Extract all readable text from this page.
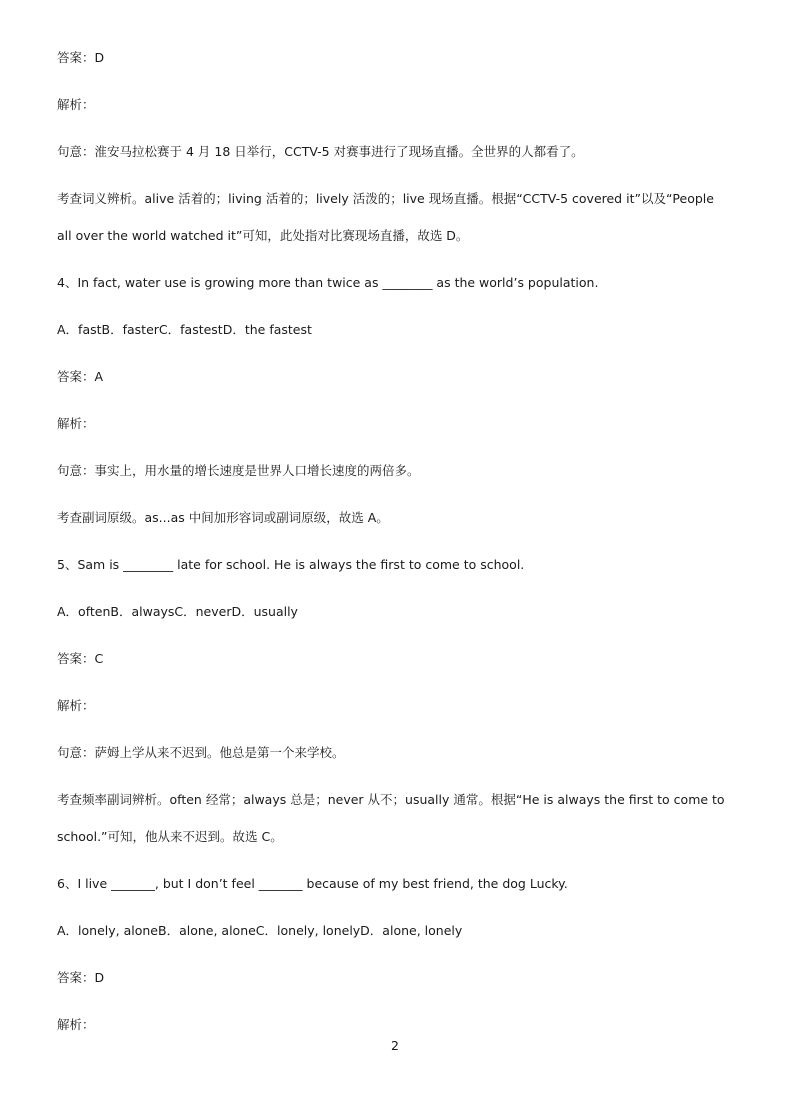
答案：D
解析：
句意：淮安马拉松赛于 4 月 18 日举行，CCTV-5 对赛事进行了现场直播。全世界的人都看了。
考查词义辨析。alive 活着的；living 活着的；lively 活泼的；live 现场直播。根据“CCTV-5 covered it”以及“People
all over the world watched it”可知，此处指对比赛现场直播，故选 D。
4、In fact, water use is growing more than twice as ________ as the world’s population.
A．fastB．fasterC．fastestD．the fastest
答案：A
解析：
句意：事实上，用水量的增长速度是世界人口增长速度的两倍多。
考查副词原级。as...as 中间加形容词或副词原级，故选 A。
5、Sam is ________ late for school. He is always the first to come to school.
A．oftenB．alwaysC．neverD．usually
答案：C
解析：
句意：萨姆上学从来不迟到。他总是第一个来学校。
考查频率副词辨析。often 经常；always 总是；never 从不；usually 通常。根据“He is always the first to come to
school.”可知，他从来不迟到。故选 C。
6、I live _______, but I don’t feel _______ because of my best friend, the dog Lucky.
A．lonely, aloneB．alone, aloneC．lonely, lonelyD．alone, lonely
答案：D
解析：
2
